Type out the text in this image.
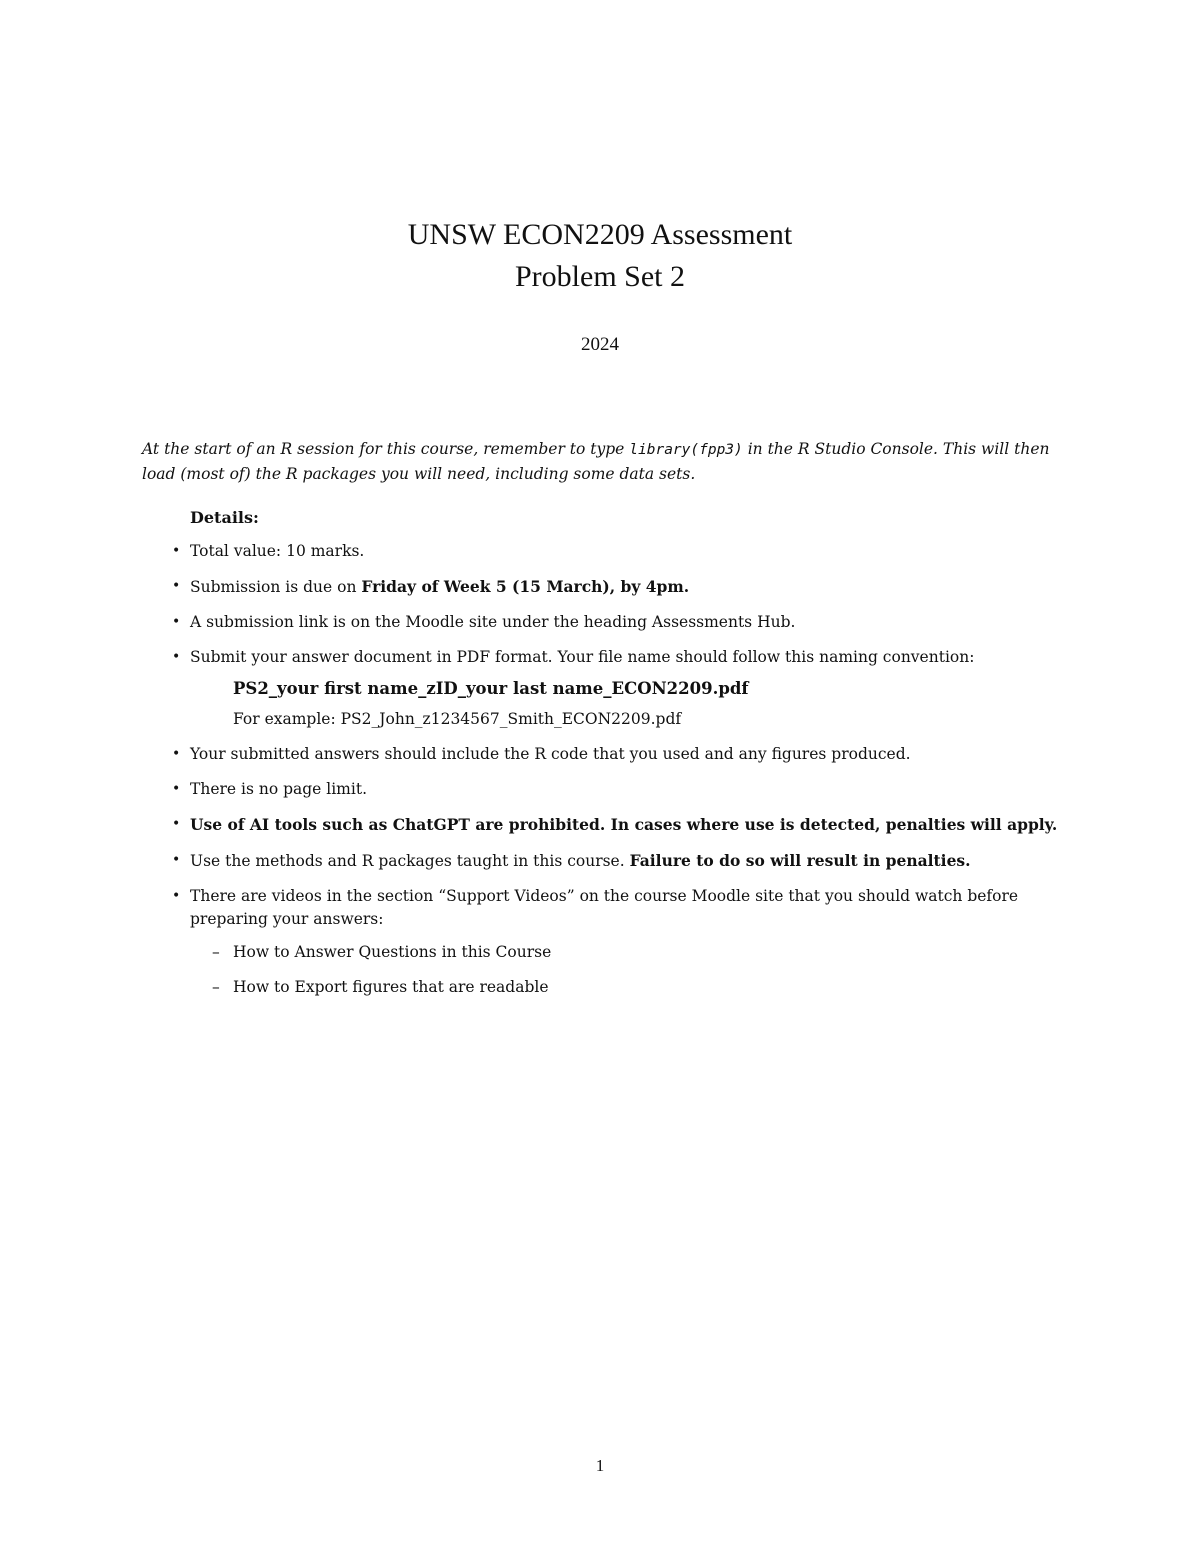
UNSW ECON2209 Assessment
Problem Set 2
2024

At the start of an R session for this course, remember to type library(fpp3) in the R Studio Console. This will then load (most of) the R packages you will need, including some data sets.

Details:
• Total value: 10 marks.
• Submission is due on Friday of Week 5 (15 March), by 4pm.
• A submission link is on the Moodle site under the heading Assessments Hub.
• Submit your answer document in PDF format. Your file name should follow this naming convention:
PS2_your first name_zID_your last name_ECON2209.pdf
For example: PS2_John_z1234567_Smith_ECON2209.pdf
• Your submitted answers should include the R code that you used and any figures produced.
• There is no page limit.
• Use of AI tools such as ChatGPT are prohibited. In cases where use is detected, penalties will apply.
• Use the methods and R packages taught in this course. Failure to do so will result in penalties.
• There are videos in the section “Support Videos” on the course Moodle site that you should watch before preparing your answers:
– How to Answer Questions in this Course
– How to Export figures that are readable
1
